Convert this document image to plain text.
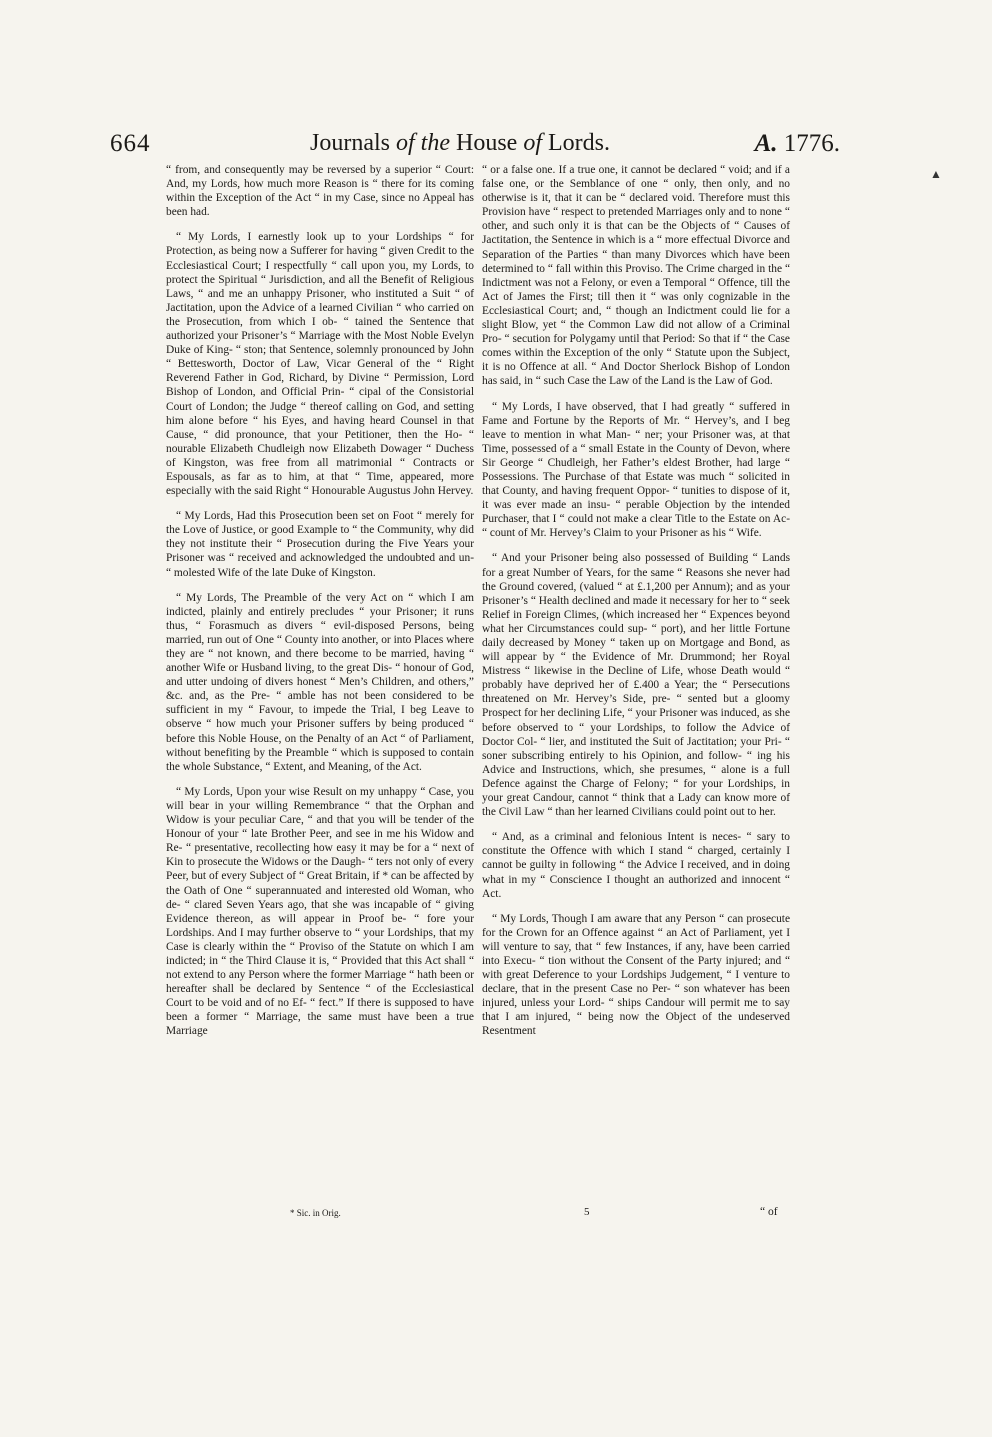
664	Journals of the House of Lords.	A. 1776.

“ from, and consequently may be reversed by a superior “ Court: And, my Lords, how much more Reason is “ there for its coming within the Exception of the Act “ in my Case, since no Appeal has been had.

“ My Lords, I earnestly look up to your Lordships “ for Protection, as being now a Sufferer for having “ given Credit to the Ecclesiastical Court; I respectfully “ call upon you, my Lords, to protect the Spiritual “ Jurisdiction, and all the Benefit of Religious Laws, “ and me an unhappy Prisoner, who instituted a Suit “ of Jactitation, upon the Advice of a learned Civilian “ who carried on the Prosecution, from which I ob- “ tained the Sentence that authorized your Prisoner’s “ Marriage with the Most Noble Evelyn Duke of King- “ ston; that Sentence, solemnly pronounced by John “ Bettesworth, Doctor of Law, Vicar General of the “ Right Reverend Father in God, Richard, by Divine “ Permission, Lord Bishop of London, and Official Prin- “ cipal of the Consistorial Court of London; the Judge “ thereof calling on God, and setting him alone before “ his Eyes, and having heard Counsel in that Cause, “ did pronounce, that your Petitioner, then the Ho- “ nourable Elizabeth Chudleigh now Elizabeth Dowager “ Duchess of Kingston, was free from all matrimonial “ Contracts or Espousals, as far as to him, at that “ Time, appeared, more especially with the said Right “ Honourable Augustus John Hervey.

“ My Lords, Had this Prosecution been set on Foot “ merely for the Love of Justice, or good Example to “ the Community, why did they not institute their “ Prosecution during the Five Years your Prisoner was “ received and acknowledged the undoubted and un- “ molested Wife of the late Duke of Kingston.

“ My Lords, The Preamble of the very Act on “ which I am indicted, plainly and entirely precludes “ your Prisoner; it runs thus, “ Forasmuch as divers “ evil-disposed Persons, being married, run out of One “ County into another, or into Places where they are “ not known, and there become to be married, having “ another Wife or Husband living, to the great Dis- “ honour of God, and utter undoing of divers honest “ Men’s Children, and others,” &c. and, as the Pre- “ amble has not been considered to be sufficient in my “ Favour, to impede the Trial, I beg Leave to observe “ how much your Prisoner suffers by being produced “ before this Noble House, on the Penalty of an Act “ of Parliament, without benefiting by the Preamble “ which is supposed to contain the whole Substance, “ Extent, and Meaning, of the Act.

“ My Lords, Upon your wise Result on my unhappy “ Case, you will bear in your willing Remembrance “ that the Orphan and Widow is your peculiar Care, “ and that you will be tender of the Honour of your “ late Brother Peer, and see in me his Widow and Re- “ presentative, recollecting how easy it may be for a “ next of Kin to prosecute the Widows or the Daugh- “ ters not only of every Peer, but of every Subject of “ Great Britain, if * can be affected by the Oath of One “ superannuated and interested old Woman, who de- “ clared Seven Years ago, that she was incapable of “ giving Evidence thereon, as will appear in Proof be- “ fore your Lordships. And I may further observe to “ your Lordships, that my Case is clearly within the “ Proviso of the Statute on which I am indicted; in “ the Third Clause it is, “ Provided that this Act shall “ not extend to any Person where the former Marriage “ hath been or hereafter shall be declared by Sentence “ of the Ecclesiastical Court to be void and of no Ef- “ fect.” If there is supposed to have been a former “ Marriage, the same must have been a true Marriage

“ or a false one. If a true one, it cannot be declared “ void; and if a false one, or the Semblance of one “ only, then only, and no otherwise is it, that it can be “ declared void. Therefore must this Provision have “ respect to pretended Marriages only and to none “ other, and such only it is that can be the Objects of “ Causes of Jactitation, the Sentence in which is a “ more effectual Divorce and Separation of the Parties “ than many Divorces which have been determined to “ fall within this Proviso. The Crime charged in the “ Indictment was not a Felony, or even a Temporal “ Offence, till the Act of James the First; till then it “ was only cognizable in the Ecclesiastical Court; and, “ though an Indictment could lie for a slight Blow, yet “ the Common Law did not allow of a Criminal Pro- “ secution for Polygamy until that Period: So that if “ the Case comes within the Exception of the only “ Statute upon the Subject, it is no Offence at all. “ And Doctor Sherlock Bishop of London has said, in “ such Case the Law of the Land is the Law of God.

“ My Lords, I have observed, that I had greatly “ suffered in Fame and Fortune by the Reports of Mr. “ Hervey’s, and I beg leave to mention in what Man- “ ner; your Prisoner was, at that Time, possessed of a “ small Estate in the County of Devon, where Sir George “ Chudleigh, her Father’s eldest Brother, had large “ Possessions. The Purchase of that Estate was much “ solicited in that County, and having frequent Oppor- “ tunities to dispose of it, it was ever made an insu- “ perable Objection by the intended Purchaser, that I “ could not make a clear Title to the Estate on Ac- “ count of Mr. Hervey’s Claim to your Prisoner as his “ Wife.

“ And your Prisoner being also possessed of Building “ Lands for a great Number of Years, for the same “ Reasons she never had the Ground covered, (valued “ at £.1,200 per Annum); and as your Prisoner’s “ Health declined and made it necessary for her to “ seek Relief in Foreign Climes, (which increased her “ Expences beyond what her Circumstances could sup- “ port), and her little Fortune daily decreased by Money “ taken up on Mortgage and Bond, as will appear by “ the Evidence of Mr. Drummond; her Royal Mistress “ likewise in the Decline of Life, whose Death would “ probably have deprived her of £.400 a Year; the “ Persecutions threatened on Mr. Hervey’s Side, pre- “ sented but a gloomy Prospect for her declining Life, “ your Prisoner was induced, as she before observed to “ your Lordships, to follow the Advice of Doctor Col- “ lier, and instituted the Suit of Jactitation; your Pri- “ soner subscribing entirely to his Opinion, and follow- “ ing his Advice and Instructions, which, she presumes, “ alone is a full Defence against the Charge of Felony; “ for your Lordships, in your great Candour, cannot “ think that a Lady can know more of the Civil Law “ than her learned Civilians could point out to her.

“ And, as a criminal and felonious Intent is neces- “ sary to constitute the Offence with which I stand “ charged, certainly I cannot be guilty in following “ the Advice I received, and in doing what in my “ Conscience I thought an authorized and innocent “ Act.

“ My Lords, Though I am aware that any Person “ can prosecute for the Crown for an Offence against “ an Act of Parliament, yet I will venture to say, that “ few Instances, if any, have been carried into Execu- “ tion without the Consent of the Party injured; and “ with great Deference to your Lordships Judgement, “ I venture to declare, that in the present Case no Per- “ son whatever has been injured, unless your Lord- “ ships Candour will permit me to say that I am injured, “ being now the Object of the undeserved Resentment

* Sic. in Orig.	5	“ of
▲
